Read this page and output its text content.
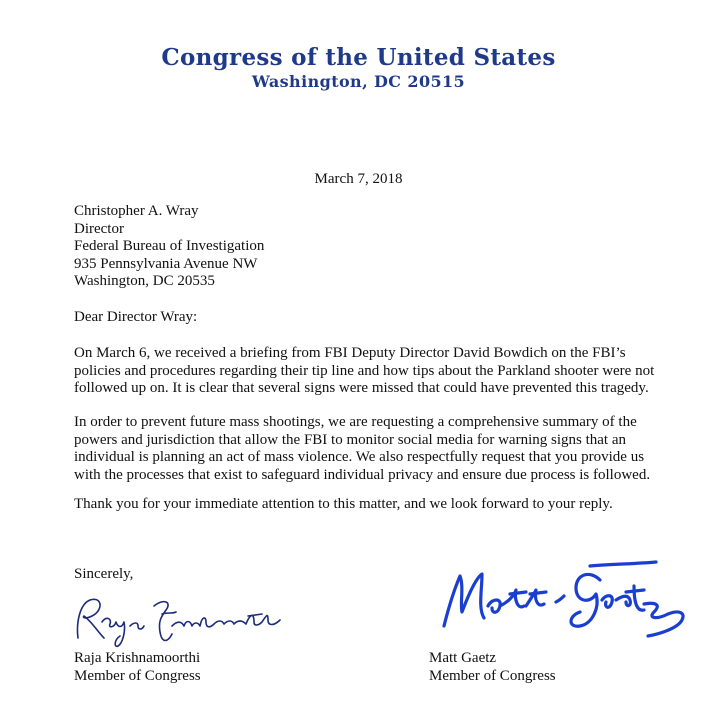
Congress of the United States
Washington, DC 20515
March 7, 2018
Christopher A. Wray
Director
Federal Bureau of Investigation
935 Pennsylvania Avenue NW
Washington, DC 20535
Dear Director Wray:
On March 6, we received a briefing from FBI Deputy Director David Bowdich on the FBI’s
policies and procedures regarding their tip line and how tips about the Parkland shooter were not
followed up on. It is clear that several signs were missed that could have prevented this tragedy.
In order to prevent future mass shootings, we are requesting a comprehensive summary of the
powers and jurisdiction that allow the FBI to monitor social media for warning signs that an
individual is planning an act of mass violence. We also respectfully request that you provide us
with the processes that exist to safeguard individual privacy and ensure due process is followed.
Thank you for your immediate attention to this matter, and we look forward to your reply.
Sincerely,
Raja Krishnamoorthi
Member of Congress
Matt Gaetz
Member of Congress
